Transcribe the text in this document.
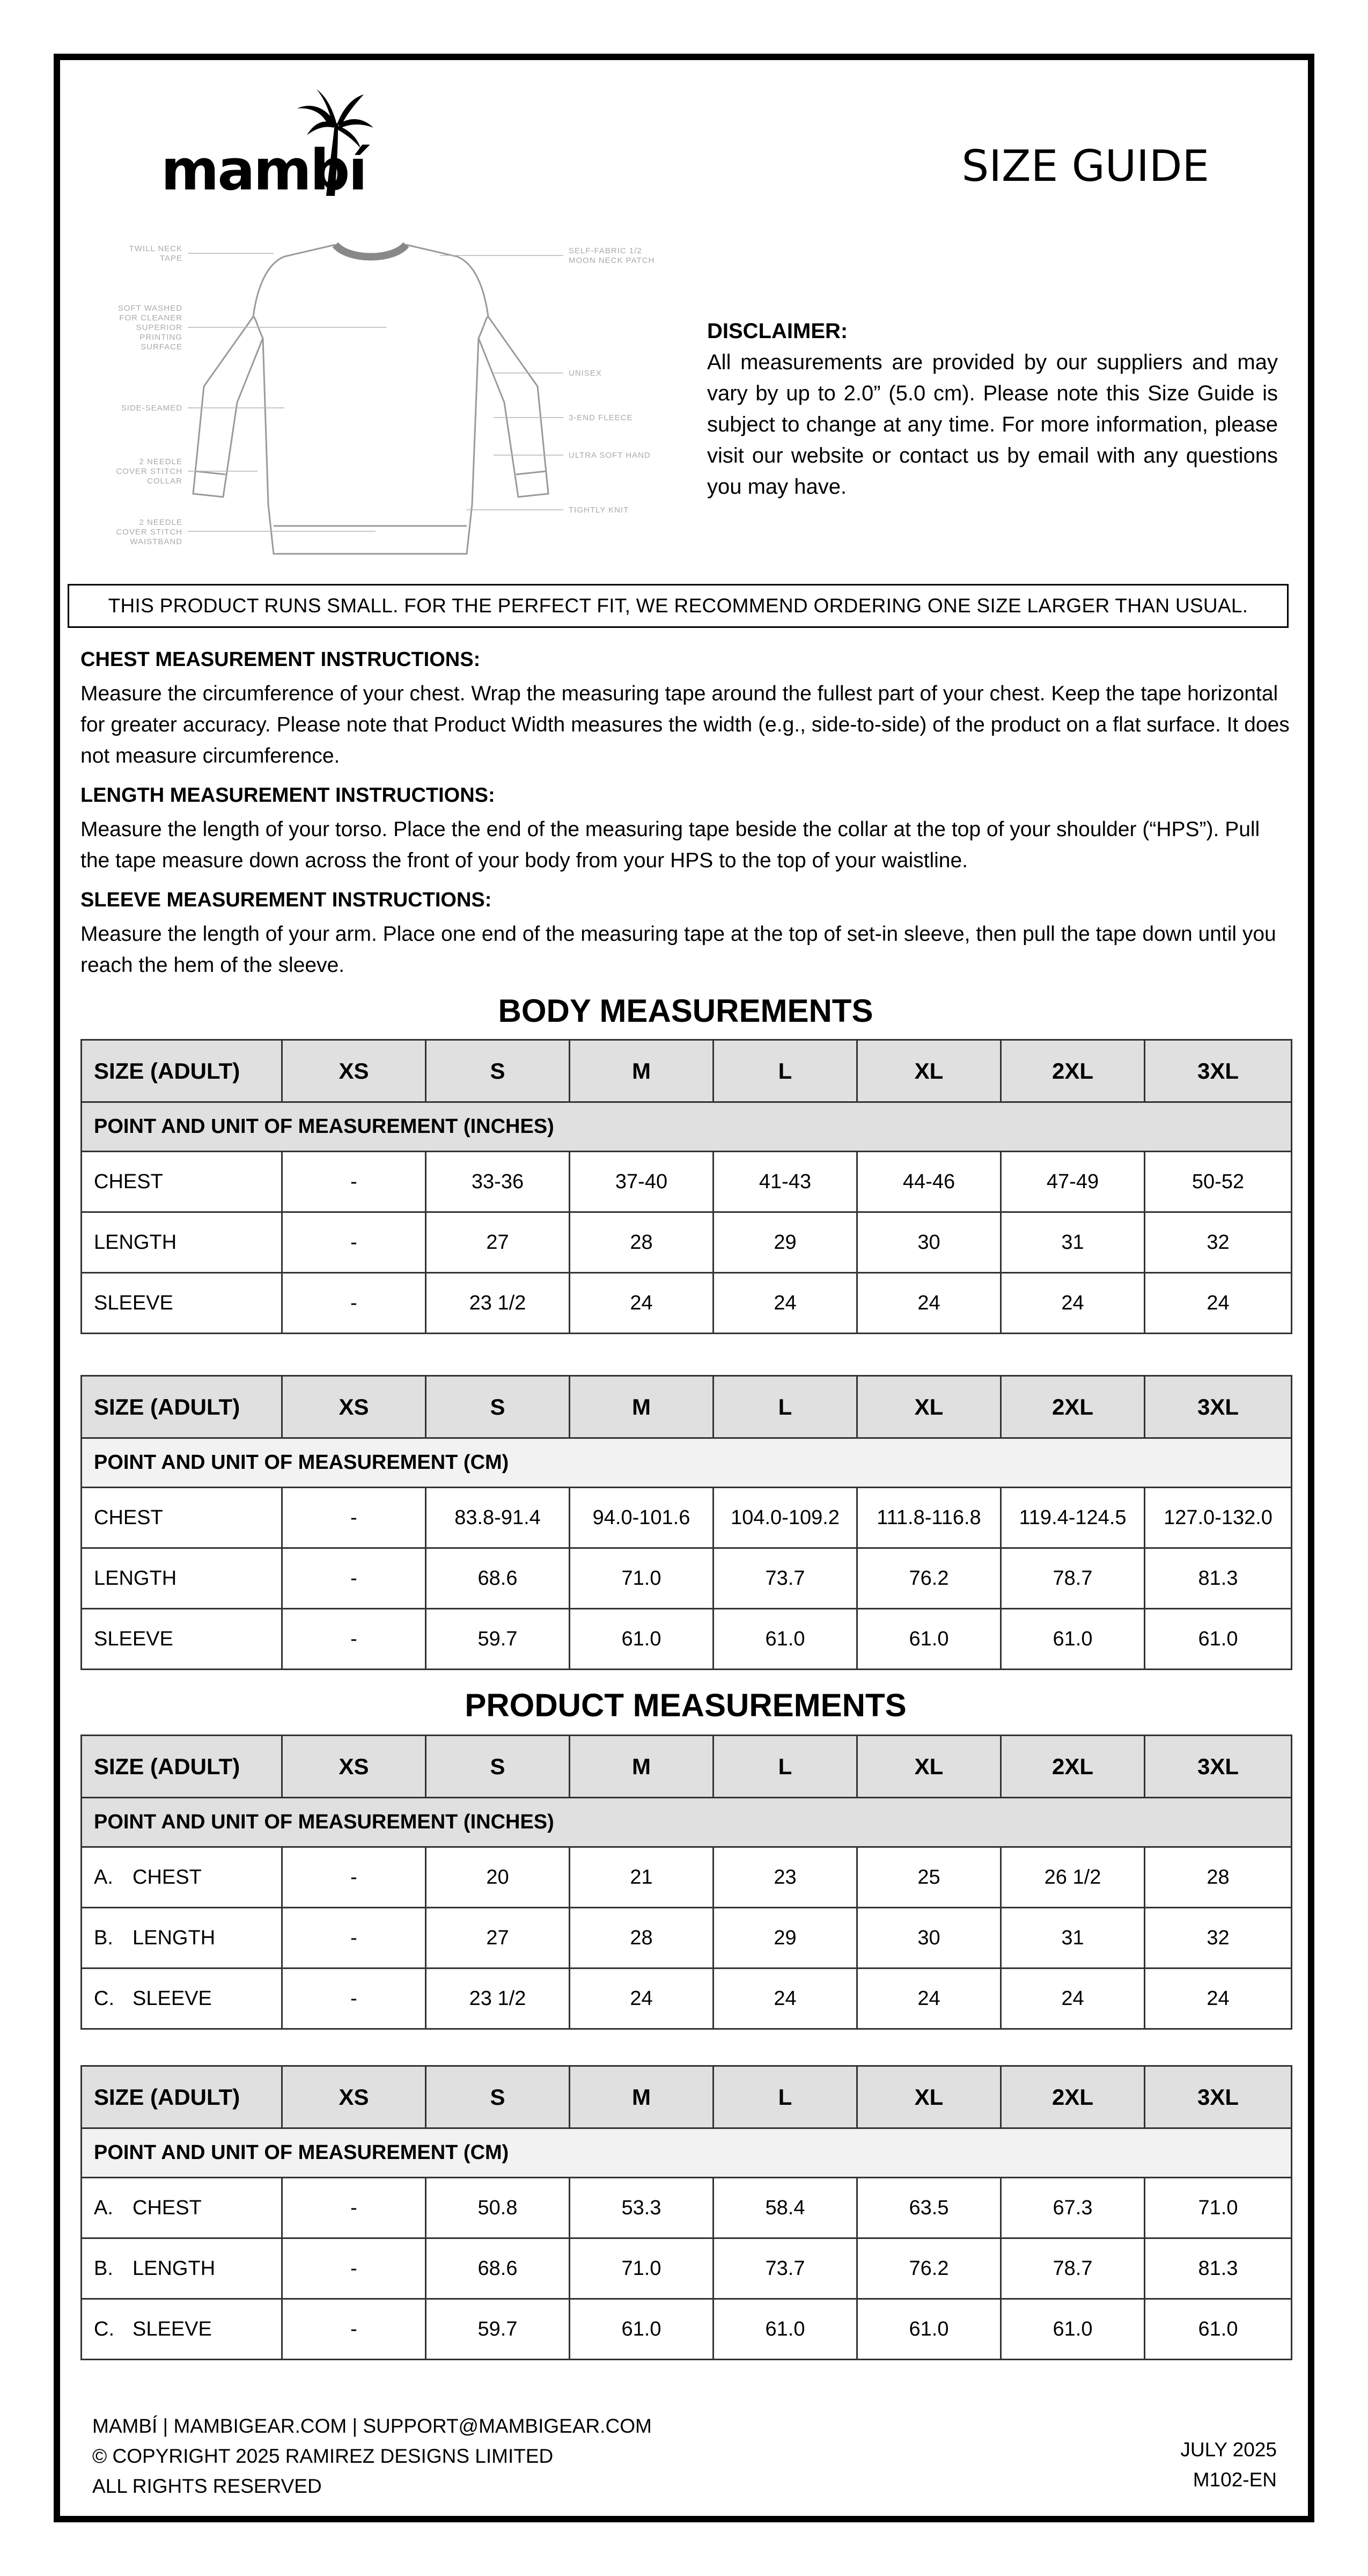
mambí	SIZE GUIDE
TWILL NECK TAPE
SOFT WASHED FOR CLEANER SUPERIOR PRINTING SURFACE
SIDE-SEAMED
2 NEEDLE COVER STITCH COLLAR
2 NEEDLE COVER STITCH WAISTBAND
SELF-FABRIC 1/2 MOON NECK PATCH
UNISEX
3-END FLEECE
ULTRA SOFT HAND
TIGHTLY KNIT
DISCLAIMER:
All measurements are provided by our suppliers and may vary by up to 2.0” (5.0 cm). Please note this Size Guide is subject to change at any time. For more information, please visit our website or contact us by email with any questions you may have.
THIS PRODUCT RUNS SMALL. FOR THE PERFECT FIT, WE RECOMMEND ORDERING ONE SIZE LARGER THAN USUAL.
CHEST MEASUREMENT INSTRUCTIONS:
Measure the circumference of your chest. Wrap the measuring tape around the fullest part of your chest. Keep the tape horizontal for greater accuracy. Please note that Product Width measures the width (e.g., side-to-side) of the product on a flat surface. It does not measure circumference.
LENGTH MEASUREMENT INSTRUCTIONS:
Measure the length of your torso. Place the end of the measuring tape beside the collar at the top of your shoulder (“HPS”). Pull the tape measure down across the front of your body from your HPS to the top of your waistline.
SLEEVE MEASUREMENT INSTRUCTIONS:
Measure the length of your arm. Place one end of the measuring tape at the top of set-in sleeve, then pull the tape down until you reach the hem of the sleeve.
BODY MEASUREMENTS
SIZE (ADULT)	XS	S	M	L	XL	2XL	3XL
POINT AND UNIT OF MEASUREMENT (INCHES)							
CHEST	-	33-36	37-40	41-43	44-46	47-49	50-52
LENGTH	-	27	28	29	30	31	32
SLEEVE	-	23 1/2	24	24	24	24	24
SIZE (ADULT)	XS	S	M	L	XL	2XL	3XL
POINT AND UNIT OF MEASUREMENT (CM)							
CHEST	-	83.8-91.4	94.0-101.6	104.0-109.2	111.8-116.8	119.4-124.5	127.0-132.0
LENGTH	-	68.6	71.0	73.7	76.2	78.7	81.3
SLEEVE	-	59.7	61.0	61.0	61.0	61.0	61.0
PRODUCT MEASUREMENTS
SIZE (ADULT)	XS	S	M	L	XL	2XL	3XL
POINT AND UNIT OF MEASUREMENT (INCHES)							
A. CHEST	-	20	21	23	25	26 1/2	28
B. LENGTH	-	27	28	29	30	31	32
C. SLEEVE	-	23 1/2	24	24	24	24	24
SIZE (ADULT)	XS	S	M	L	XL	2XL	3XL
POINT AND UNIT OF MEASUREMENT (CM)							
A. CHEST	-	50.8	53.3	58.4	63.5	67.3	71.0
B. LENGTH	-	68.6	71.0	73.7	76.2	78.7	81.3
C. SLEEVE	-	59.7	61.0	61.0	61.0	61.0	61.0
MAMBÍ | MAMBIGEAR.COM | SUPPORT@MAMBIGEAR.COM
© COPYRIGHT 2025 RAMIREZ DESIGNS LIMITED
ALL RIGHTS RESERVED
JULY 2025
M102-EN
